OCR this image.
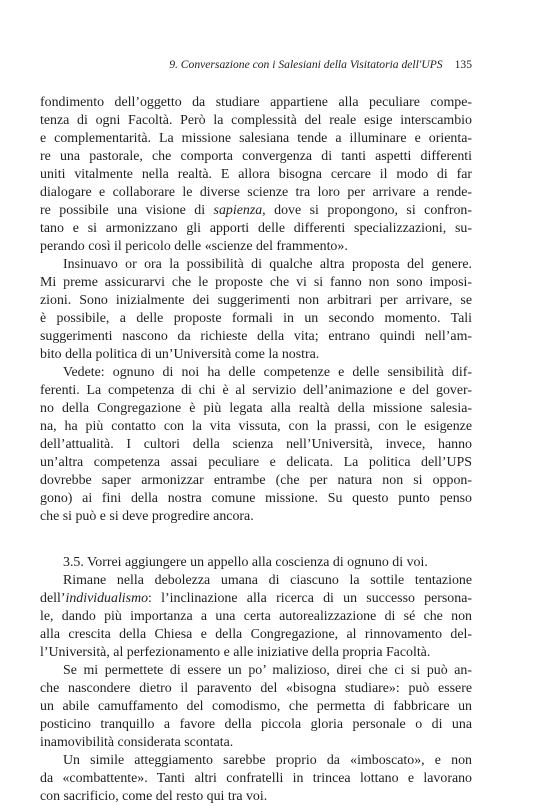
9. Conversazione con i Salesiani della Visitatoria dell'UPS 135
fondimento dell’oggetto da studiare appartiene alla peculiare compe-
tenza di ogni Facoltà. Però la complessità del reale esige interscambio
e complementarità. La missione salesiana tende a illuminare e orienta-
re una pastorale, che comporta convergenza di tanti aspetti differenti
uniti vitalmente nella realtà. E allora bisogna cercare il modo di far
dialogare e collaborare le diverse scienze tra loro per arrivare a rende-
re possibile una visione di sapienza, dove si propongono, si confron-
tano e si armonizzano gli apporti delle differenti specializzazioni, su-
perando così il pericolo delle «scienze del frammento».
Insinuavo or ora la possibilità di qualche altra proposta del genere.
Mi preme assicurarvi che le proposte che vi si fanno non sono imposi-
zioni. Sono inizialmente dei suggerimenti non arbitrari per arrivare, se
è possibile, a delle proposte formali in un secondo momento. Tali
suggerimenti nascono da richieste della vita; entrano quindi nell’am-
bito della politica di un’Università come la nostra.
Vedete: ognuno di noi ha delle competenze e delle sensibilità dif-
ferenti. La competenza di chi è al servizio dell’animazione e del gover-
no della Congregazione è più legata alla realtà della missione salesia-
na, ha più contatto con la vita vissuta, con la prassi, con le esigenze
dell’attualità. I cultori della scienza nell’Università, invece, hanno
un’altra competenza assai peculiare e delicata. La politica dell’UPS
dovrebbe saper armonizzar entrambe (che per natura non si oppon-
gono) ai fini della nostra comune missione. Su questo punto penso
che si può e si deve progredire ancora.
3.5. Vorrei aggiungere un appello alla coscienza di ognuno di voi.
Rimane nella debolezza umana di ciascuno la sottile tentazione
dell’individualismo: l’inclinazione alla ricerca di un successo persona-
le, dando più importanza a una certa autorealizzazione di sé che non
alla crescita della Chiesa e della Congregazione, al rinnovamento del-
l’Università, al perfezionamento e alle iniziative della propria Facoltà.
Se mi permettete di essere un po’ malizioso, direi che ci si può an-
che nascondere dietro il paravento del «bisogna studiare»: può essere
un abile camuffamento del comodismo, che permetta di fabbricare un
posticino tranquillo a favore della piccola gloria personale o di una
inamovibilità considerata scontata.
Un simile atteggiamento sarebbe proprio da «imboscato», e non
da «combattente». Tanti altri confratelli in trincea lottano e lavorano
con sacrificio, come del resto qui tra voi.
